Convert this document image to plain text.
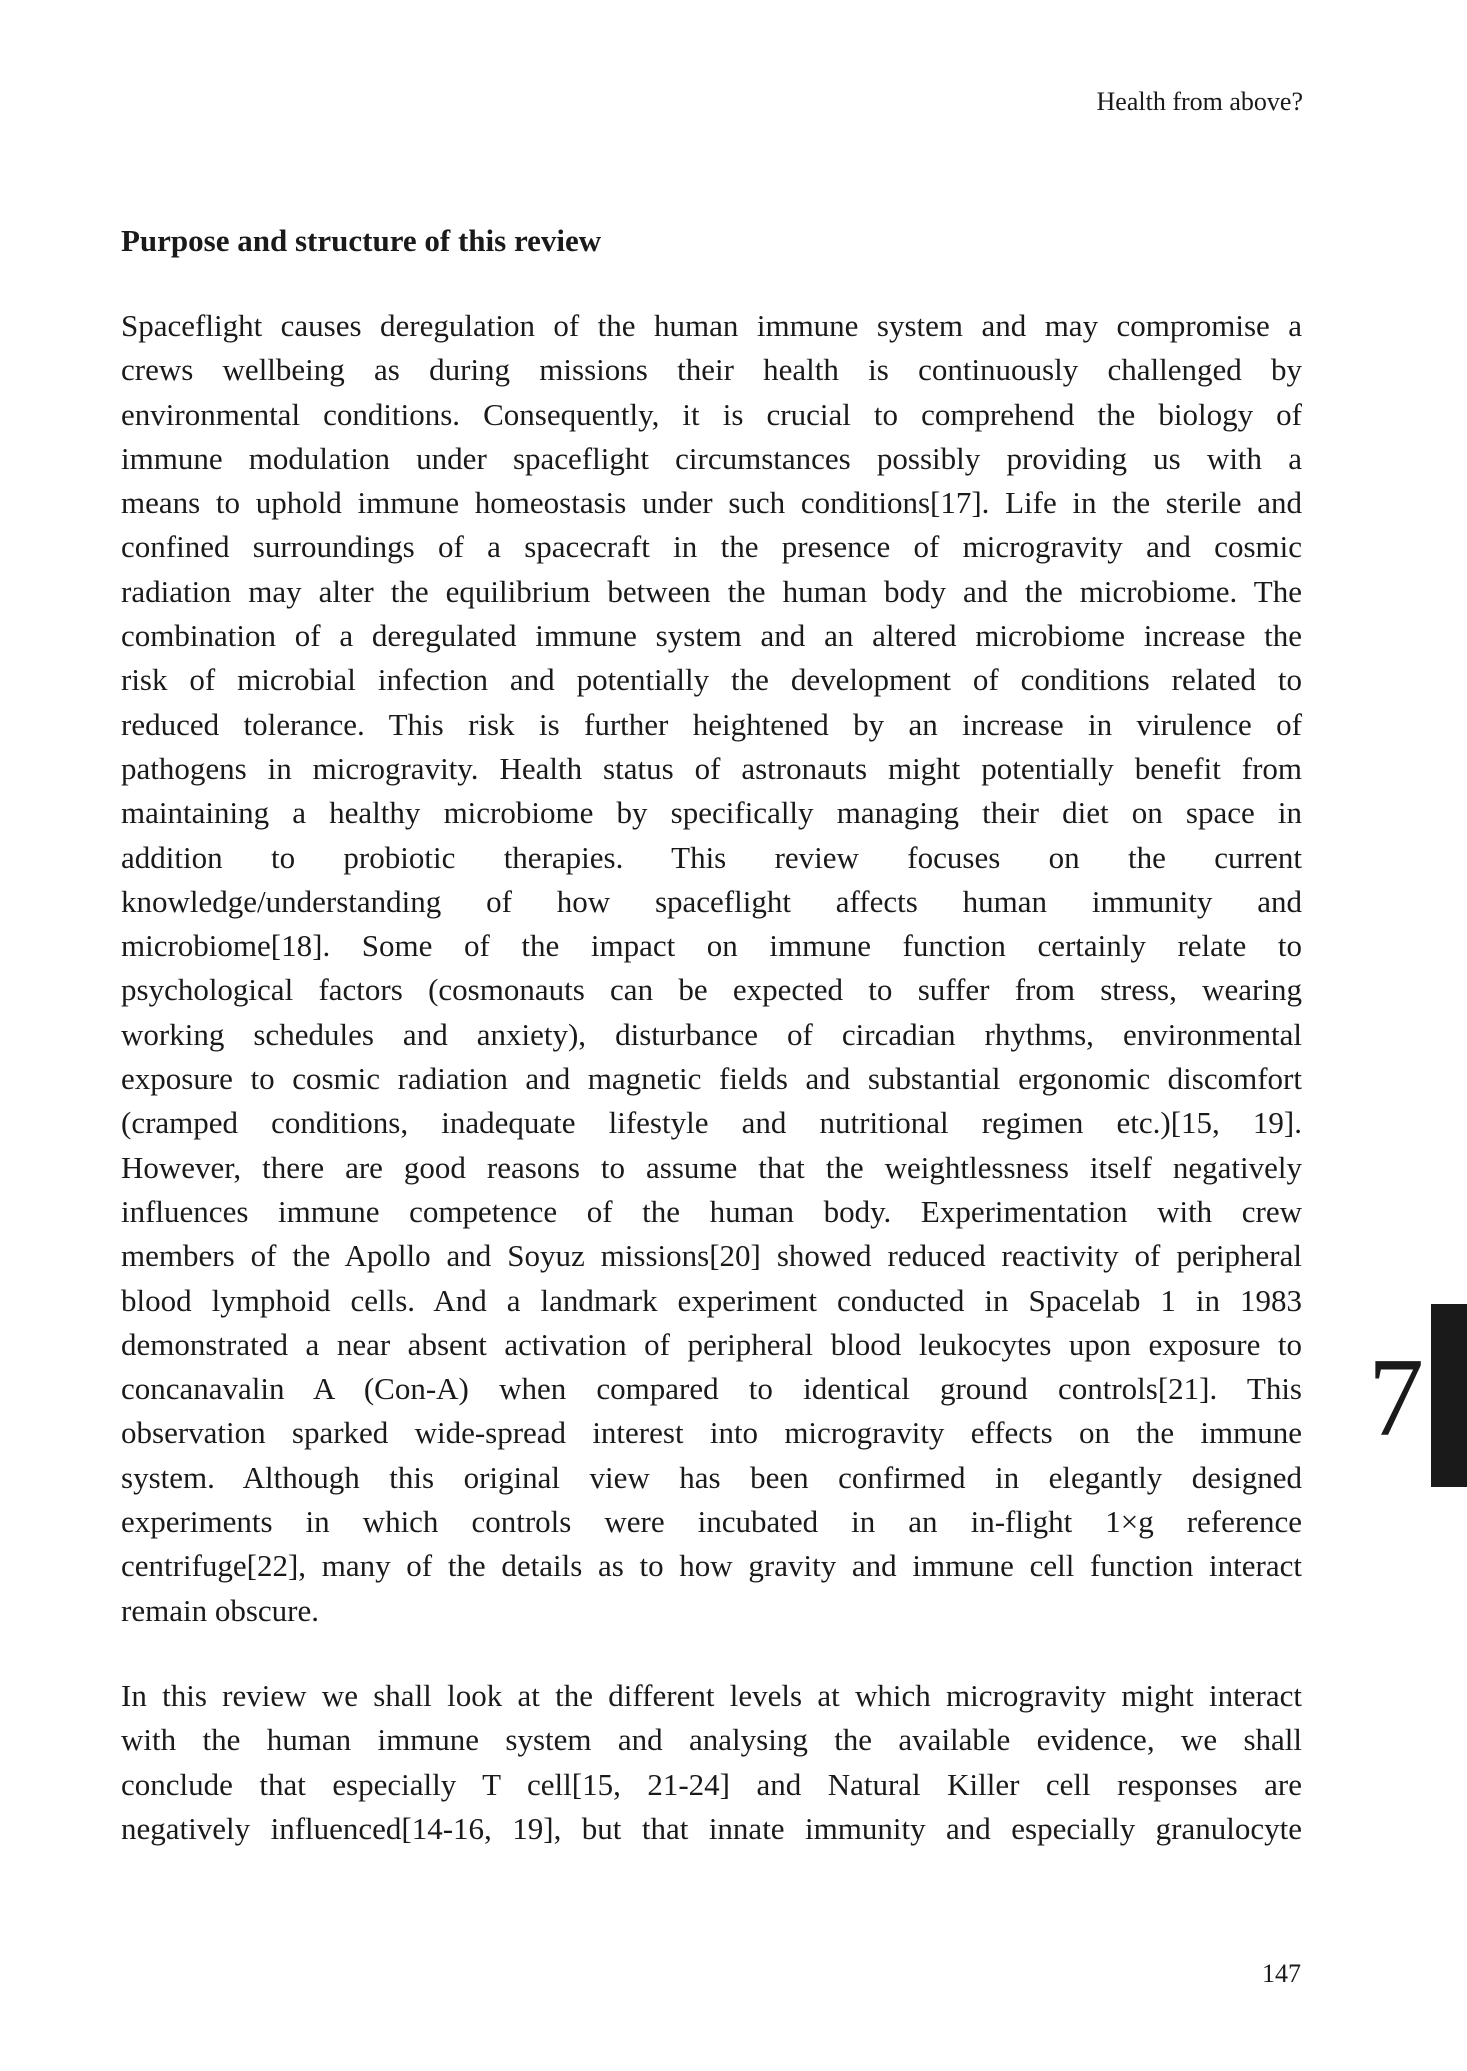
Health from above?
Purpose and structure of this review
Spaceflight causes deregulation of the human immune system and may compromise a
crews wellbeing as during missions their health is continuously challenged by
environmental conditions. Consequently, it is crucial to comprehend the biology of
immune modulation under spaceflight circumstances possibly providing us with a
means to uphold immune homeostasis under such conditions[17]. Life in the sterile and
confined surroundings of a spacecraft in the presence of microgravity and cosmic
radiation may alter the equilibrium between the human body and the microbiome. The
combination of a deregulated immune system and an altered microbiome increase the
risk of microbial infection and potentially the development of conditions related to
reduced tolerance. This risk is further heightened by an increase in virulence of
pathogens in microgravity. Health status of astronauts might potentially benefit from
maintaining a healthy microbiome by specifically managing their diet on space in
addition to probiotic therapies. This review focuses on the current
knowledge/understanding of how spaceflight affects human immunity and
microbiome[18]. Some of the impact on immune function certainly relate to
psychological factors (cosmonauts can be expected to suffer from stress, wearing
working schedules and anxiety), disturbance of circadian rhythms, environmental
exposure to cosmic radiation and magnetic fields and substantial ergonomic discomfort
(cramped conditions, inadequate lifestyle and nutritional regimen etc.)[15, 19].
However, there are good reasons to assume that the weightlessness itself negatively
influences immune competence of the human body. Experimentation with crew
members of the Apollo and Soyuz missions[20] showed reduced reactivity of peripheral
blood lymphoid cells. And a landmark experiment conducted in Spacelab 1 in 1983
demonstrated a near absent activation of peripheral blood leukocytes upon exposure to
concanavalin A (Con-A) when compared to identical ground controls[21]. This
observation sparked wide-spread interest into microgravity effects on the immune
system. Although this original view has been confirmed in elegantly designed
experiments in which controls were incubated in an in-flight 1×g reference
centrifuge[22], many of the details as to how gravity and immune cell function interact
remain obscure.
In this review we shall look at the different levels at which microgravity might interact
with the human immune system and analysing the available evidence, we shall
conclude that especially T cell[15, 21-24] and Natural Killer cell responses are
negatively influenced[14-16, 19], but that innate immunity and especially granulocyte
7
147
